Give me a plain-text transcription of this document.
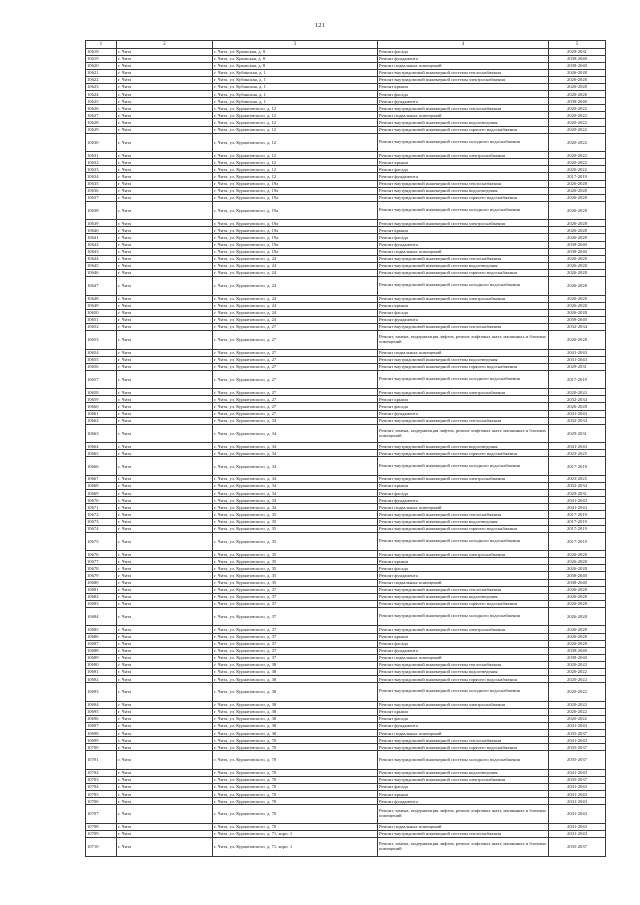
121
1	2	3	4	5
10618	г. Чита	г. Чита, ул. Крымская, д. 8	Ремонт фасада	2029-2031
10619	г. Чита	г. Чита, ул. Крымская, д. 8	Ремонт фундамента	2038-2040
10620	г. Чита	г. Чита, ул. Крымская, д. 8	Ремонт подвальных помещений	2038-2040
10621	г. Чита	г. Чита, ул. Кубинская, д. 1	Ремонт внутридомовой инженерной системы теплоснабжения	2026-2028
10622	г. Чита	г. Чита, ул. Кубинская, д. 1	Ремонт внутридомовой инженерной системы электроснабжения	2026-2028
10623	г. Чита	г. Чита, ул. Кубинская, д. 1	Ремонт крыши	2026-2028
10624	г. Чита	г. Чита, ул. Кубинская, д. 1	Ремонт фасада	2026-2028
10625	г. Чита	г. Чита, ул. Кубинская, д. 1	Ремонт фундамента	2038-2040
10626	г. Чита	г. Чита, ул. Курнатовского, д. 12	Ремонт внутридомовой инженерной системы теплоснабжения	2020-2022
10627	г. Чита	г. Чита, ул. Курнатовского, д. 12	Ремонт подвальных помещений	2020-2022
10628	г. Чита	г. Чита, ул. Курнатовского, д. 12	Ремонт внутридомовой инженерной системы водоотведения	2020-2022
10629	г. Чита	г. Чита, ул. Курнатовского, д. 12	Ремонт внутридомовой инженерной системы горячего водоснабжения	2020-2022
10630	г. Чита	г. Чита, ул. Курнатовского, д. 12	Ремонт внутридомовой инженерной системы холодного водоснабжения	2020-2022
10631	г. Чита	г. Чита, ул. Курнатовского, д. 12	Ремонт внутридомовой инженерной системы электроснабжения	2020-2022
10632	г. Чита	г. Чита, ул. Курнатовского, д. 12	Ремонт крыши	2020-2022
10633	г. Чита	г. Чита, ул. Курнатовского, д. 12	Ремонт фасада	2020-2022
10634	г. Чита	г. Чита, ул. Курнатовского, д. 12	Ремонт фундамента	2017-2019
10635	г. Чита	г. Чита, ул. Курнатовского, д. 19а	Ремонт внутридомовой инженерной системы теплоснабжения	2026-2028
10636	г. Чита	г. Чита, ул. Курнатовского, д. 19а	Ремонт внутридомовой инженерной системы водоотведения	2026-2028
10637	г. Чита	г. Чита, ул. Курнатовского, д. 19а	Ремонт внутридомовой инженерной системы горячего водоснабжения	2026-2028
10638	г. Чита	г. Чита, ул. Курнатовского, д. 19а	Ремонт внутридомовой инженерной системы холодного водоснабжения	2026-2028
10639	г. Чита	г. Чита, ул. Курнатовского, д. 19а	Ремонт внутридомовой инженерной системы электроснабжения	2026-2028
10640	г. Чита	г. Чита, ул. Курнатовского, д. 19а	Ремонт крыши	2026-2028
10641	г. Чита	г. Чита, ул. Курнатовского, д. 19а	Ремонт фасада	2026-2028
10642	г. Чита	г. Чита, ул. Курнатовского, д. 19а	Ремонт фундамента	2038-2040
10643	г. Чита	г. Чита, ул. Курнатовского, д. 19а	Ремонт подвальных помещений	2038-2040
10644	г. Чита	г. Чита, ул. Курнатовского, д. 24	Ремонт внутридомовой инженерной системы теплоснабжения	2026-2028
10645	г. Чита	г. Чита, ул. Курнатовского, д. 24	Ремонт внутридомовой инженерной системы водоотведения	2026-2028
10646	г. Чита	г. Чита, ул. Курнатовского, д. 24	Ремонт внутридомовой инженерной системы горячего водоснабжения	2026-2028
10647	г. Чита	г. Чита, ул. Курнатовского, д. 24	Ремонт внутридомовой инженерной системы холодного водоснабжения	2026-2028
10648	г. Чита	г. Чита, ул. Курнатовского, д. 24	Ремонт внутридомовой инженерной системы электроснабжения	2026-2028
10649	г. Чита	г. Чита, ул. Курнатовского, д. 24	Ремонт крыши	2026-2028
10650	г. Чита	г. Чита, ул. Курнатовского, д. 24	Ремонт фасада	2026-2028
10651	г. Чита	г. Чита, ул. Курнатовского, д. 24	Ремонт фундамента	2038-2040
10652	г. Чита	г. Чита, ул. Курнатовского, д. 27	Ремонт внутридомовой инженерной системы теплоснабжения	2032-2034
10653	г. Чита	г. Чита, ул. Курнатовского, д. 27	Ремонт, замена, модернизация лифтов, ремонт лифтовых шахт, машинных и блочных помещений	2026-2028
10654	г. Чита	г. Чита, ул. Курнатовского, д. 27	Ремонт подвальных помещений	2041-2043
10655	г. Чита	г. Чита, ул. Курнатовского, д. 27	Ремонт внутридомовой инженерной системы водоотведения	2041-2043
10656	г. Чита	г. Чита, ул. Курнатовского, д. 27	Ремонт внутридомовой инженерной системы горячего водоснабжения	2029-2031
10657	г. Чита	г. Чита, ул. Курнатовского, д. 27	Ремонт внутридомовой инженерной системы холодного водоснабжения	2017-2019
10658	г. Чита	г. Чита, ул. Курнатовского, д. 27	Ремонт внутридомовой инженерной системы электроснабжения	2020-2022
10659	г. Чита	г. Чита, ул. Курнатовского, д. 27	Ремонт крыши	2032-2034
10660	г. Чита	г. Чита, ул. Курнатовского, д. 27	Ремонт фасада	2026-2028
10661	г. Чита	г. Чита, ул. Курнатовского, д. 27	Ремонт фундамента	2041-2043
10662	г. Чита	г. Чита, ул. Курнатовского, д. 34	Ремонт внутридомовой инженерной системы теплоснабжения	2032-2034
10663	г. Чита	г. Чита, ул. Курнатовского, д. 34	Ремонт, замена, модернизация лифтов, ремонт лифтовых шахт, машинных и блочных помещений	2029-2031
10664	г. Чита	г. Чита, ул. Курнатовского, д. 34	Ремонт внутридомовой инженерной системы водоотведения	2041-2043
10665	г. Чита	г. Чита, ул. Курнатовского, д. 34	Ремонт внутридомовой инженерной системы горячего водоснабжения	2023-2025
10666	г. Чита	г. Чита, ул. Курнатовского, д. 34	Ремонт внутридомовой инженерной системы холодного водоснабжения	2017-2019
10667	г. Чита	г. Чита, ул. Курнатовского, д. 34	Ремонт внутридомовой инженерной системы электроснабжения	2023-2025
10668	г. Чита	г. Чита, ул. Курнатовского, д. 34	Ремонт крыши	2032-2034
10669	г. Чита	г. Чита, ул. Курнатовского, д. 34	Ремонт фасада	2029-2031
10670	г. Чита	г. Чита, ул. Курнатовского, д. 34	Ремонт фундамента	2041-2043
10671	г. Чита	г. Чита, ул. Курнатовского, д. 34	Ремонт подвальных помещений	2041-2043
10672	г. Чита	г. Чита, ул. Курнатовского, д. 35	Ремонт внутридомовой инженерной системы теплоснабжения	2017-2019
10673	г. Чита	г. Чита, ул. Курнатовского, д. 35	Ремонт внутридомовой инженерной системы водоотведения	2017-2019
10674	г. Чита	г. Чита, ул. Курнатовского, д. 35	Ремонт внутридомовой инженерной системы горячего водоснабжения	2017-2019
10675	г. Чита	г. Чита, ул. Курнатовского, д. 35	Ремонт внутридомовой инженерной системы холодного водоснабжения	2017-2019
10676	г. Чита	г. Чита, ул. Курнатовского, д. 35	Ремонт внутридомовой инженерной системы электроснабжения	2026-2028
10677	г. Чита	г. Чита, ул. Курнатовского, д. 35	Ремонт крыши	2026-2028
10678	г. Чита	г. Чита, ул. Курнатовского, д. 35	Ремонт фасада	2026-2028
10679	г. Чита	г. Чита, ул. Курнатовского, д. 35	Ремонт фундамента	2038-2040
10680	г. Чита	г. Чита, ул. Курнатовского, д. 35	Ремонт подвальных помещений	2038-2040
10681	г. Чита	г. Чита, ул. Курнатовского, д. 37	Ремонт внутридомовой инженерной системы теплоснабжения	2026-2028
10682	г. Чита	г. Чита, ул. Курнатовского, д. 37	Ремонт внутридомовой инженерной системы водоотведения	2026-2028
10683	г. Чита	г. Чита, ул. Курнатовского, д. 37	Ремонт внутридомовой инженерной системы горячего водоснабжения	2026-2028
10684	г. Чита	г. Чита, ул. Курнатовского, д. 37	Ремонт внутридомовой инженерной системы холодного водоснабжения	2026-2028
10685	г. Чита	г. Чита, ул. Курнатовского, д. 37	Ремонт внутридомовой инженерной системы электроснабжения	2026-2028
10686	г. Чита	г. Чита, ул. Курнатовского, д. 37	Ремонт крыши	2026-2028
10687	г. Чита	г. Чита, ул. Курнатовского, д. 37	Ремонт фасада	2026-2028
10688	г. Чита	г. Чита, ул. Курнатовского, д. 37	Ремонт фундамента	2038-2040
10689	г. Чита	г. Чита, ул. Курнатовского, д. 37	Ремонт подвальных помещений	2038-2040
10690	г. Чита	г. Чита, ул. Курнатовского, д. 38	Ремонт внутридомовой инженерной системы теплоснабжения	2020-2022
10691	г. Чита	г. Чита, ул. Курнатовского, д. 38	Ремонт внутридомовой инженерной системы водоотведения	2020-2022
10692	г. Чита	г. Чита, ул. Курнатовского, д. 38	Ремонт внутридомовой инженерной системы горячего водоснабжения	2020-2022
10693	г. Чита	г. Чита, ул. Курнатовского, д. 38	Ремонт внутридомовой инженерной системы холодного водоснабжения	2020-2022
10694	г. Чита	г. Чита, ул. Курнатовского, д. 38	Ремонт внутридомовой инженерной системы электроснабжения	2020-2022
10695	г. Чита	г. Чита, ул. Курнатовского, д. 38	Ремонт крыши	2020-2022
10696	г. Чита	г. Чита, ул. Курнатовского, д. 38	Ремонт фасада	2020-2022
10697	г. Чита	г. Чита, ул. Курнатовского, д. 38	Ремонт фундамента	2041-2043
10698	г. Чита	г. Чита, ул. Курнатовского, д. 38	Ремонт подвальных помещений	2035-2037
10699	г. Чита	г. Чита, ул. Курнатовского, д. 70	Ремонт внутридомовой инженерной системы теплоснабжения	2041-2043
10700	г. Чита	г. Чита, ул. Курнатовского, д. 70	Ремонт внутридомовой инженерной системы горячего водоснабжения	2035-2037
10701	г. Чита	г. Чита, ул. Курнатовского, д. 70	Ремонт внутридомовой инженерной системы холодного водоснабжения	2035-2037
10702	г. Чита	г. Чита, ул. Курнатовского, д. 70	Ремонт внутридомовой инженерной системы водоотведения	2041-2043
10703	г. Чита	г. Чита, ул. Курнатовского, д. 70	Ремонт внутридомовой инженерной системы электроснабжения	2035-2037
10704	г. Чита	г. Чита, ул. Курнатовского, д. 70	Ремонт фасада	2041-2043
10705	г. Чита	г. Чита, ул. Курнатовского, д. 70	Ремонт крыши	2041-2043
10706	г. Чита	г. Чита, ул. Курнатовского, д. 70	Ремонт фундамента	2041-2043
10707	г. Чита	г. Чита, ул. Курнатовского, д. 70	Ремонт, замена, модернизация лифтов, ремонт лифтовых шахт, машинных и блочных помещений	2041-2043
10708	г. Чита	г. Чита, ул. Курнатовского, д. 70	Ремонт подвальных помещений	2041-2043
10709	г. Чита	г. Чита, ул. Курнатовского, д. 71, корп. 1	Ремонт внутридомовой инженерной системы теплоснабжения	2041-2043
10710	г. Чита	г. Чита, ул. Курнатовского, д. 71, корп. 1	Ремонт, замена, модернизация лифтов, ремонт лифтовых шахт, машинных и блочных помещений	2035-2037
